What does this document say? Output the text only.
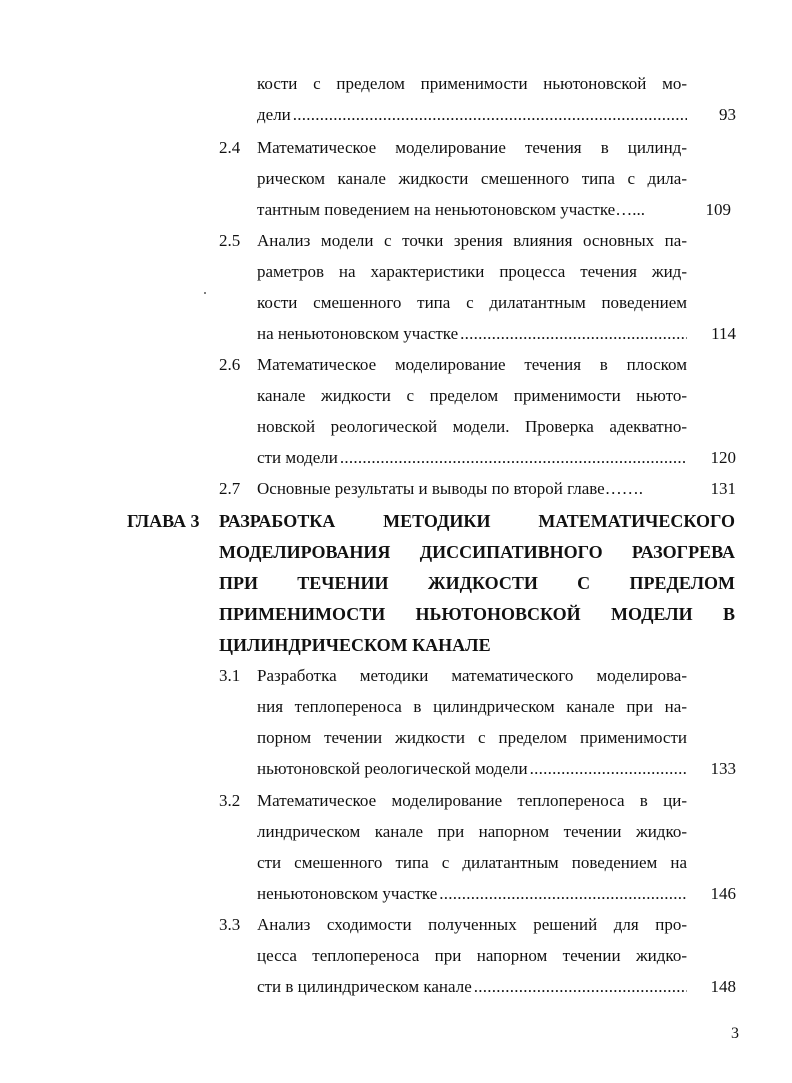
кости с пределом применимости ньютоновской мо-
дели . . .	93
2.4 Математическое моделирование течения в цилинд-
рическом канале жидкости смешенного типа с дила-
тантным поведением на неньютоновском участке…...	109
2.5 Анализ модели с точки зрения влияния основных па-
раметров на характеристики процесса течения жид-
кости смешенного типа с дилатантным поведением
на неньютоновском участке . . .	114
2.6 Математическое моделирование течения в плоском
канале жидкости с пределом применимости ньюто-
новской реологической модели. Проверка адекватно-
сти модели . . .	120
2.7 Основные результаты и выводы по второй главе…….	131
ГЛАВА 3 РАЗРАБОТКА МЕТОДИКИ МАТЕМАТИЧЕСКОГО
МОДЕЛИРОВАНИЯ ДИССИПАТИВНОГО РАЗОГРЕВА
ПРИ ТЕЧЕНИИ ЖИДКОСТИ С ПРЕДЕЛОМ
ПРИМЕНИМОСТИ НЬЮТОНОВСКОЙ МОДЕЛИ В
ЦИЛИНДРИЧЕСКОМ КАНАЛЕ
3.1 Разработка методики математического моделирова-
ния теплопереноса в цилиндрическом канале при на-
порном течении жидкости с пределом применимости
ньютоновской реологической модели . . .	133
3.2 Математическое моделирование теплопереноса в ци-
линдрическом канале при напорном течении жидко-
сти смешенного типа с дилатантным поведением на
неньютоновском участке . . .	146
3.3 Анализ сходимости полученных решений для про-
цесса теплопереноса при напорном течении жидко-
сти в цилиндрическом канале . . .	148
3
